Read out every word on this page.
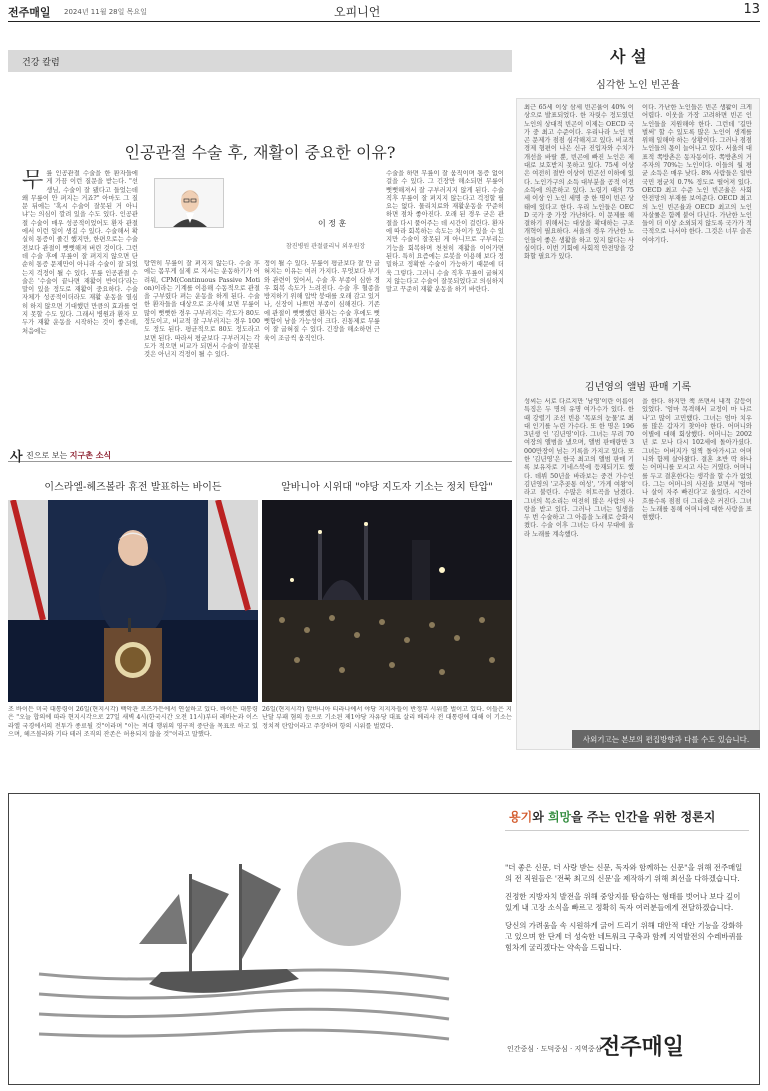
전주매일 2024년 11월 28일 목요일	오피니언	13
건강 칼럼
인공관절 수술 후, 재활이 중요한 이유?
무릎 인공관절 수술을 한 환자들에게 가끔 이런 질문을 받는다. "선생님, 수술이 잘 됐다고 들었는데 왜 무릎이 안 펴지는 거죠?" 아마도 그 질문 뒤에는 '혹시 수술이 잘못된 거 아니냐'는 의심이 깔려 있을 수도 있다. 인공관절 수술이 매우 성공적이었어도 환자 관절에서 이런 일이 생길 수 있다. 수술해서 확실히 통증이 줄긴 했지만, 한편으로는 수술 전보다 관절이 뻣뻣해져 버린 것이다. 그런데 수술 후에 무릎이 잘 펴지지 않으면 단순히 통증 문제만이 아니라 수술이 잘 되었는지 걱정이 될 수 있다. 무릎 인공관절 수술은 '수술이 끝나면 재활이 반이다'라는 말이 있을 정도로 재활이 중요하다. 수술 자체가 성공적이더라도 재활 운동을 열심히 하지 않으면 기대했던 만큼의 효과를 얻지 못할 수도 있다. 그래서 병원과 환자 모두가 재활 운동을 시작하는 것이 좋은데, 처음에는
이 정 훈
참진병원 관절클리닉 외우원장
탕연히 무릎이 잘 펴지지 않는다. 수술 후에는 몸무게 실제 로 지서는 운동하기가 어려워, CPM(Continuous Passive Motion)이라는 기계를 이용해 수동적으로 관절을 구부렸다 펴는 운동을 하게 된다. 수술한 환자들을 대상으로 조사해 보면 무릎이 많이 뻣뻣한 경우 구부러지는 각도가 80도 정도이고, 비교적 잘 구부러지는 경우 100도 정도 된다. 평균적으로 80도 정도라고 보면 된다. 따라서 평균보다 구부러지는 각도가 적으면 비교가 되면서 수술이 잘못된 것은 아닌지 걱정이 될 수 있다.
정이 될 수 있다. 무릎이 평균보다 잘 안 굽혀지는 이유는 여러 가지다. 무엇보다 부기와 관련이 있어서, 수술 후 부종이 심한 경우 회복 속도가 느려진다. 수술 후 혈종을 방지하기 위해 압박 붕대를 오래 감고 있거나, 신장이 나쁘면 부종이 심해진다. 기존에 관절이 뻣뻣했던 환자는 수술 후에도 뻣뻣함이 남을 가능성이 크다. 진통제로 무릎이 잘 굽혀질 수 있다. 긴장을 해소하면 근육이 조금씩 움직인다.
수술을 하면 무릎이 잘 움직이며 통증 없이 걸을 수 있다. 그 긴장만 해소되면 무릎이 뻣뻣해져서 잘 구부러지지 않게 된다. 수술 직후 무릎이 잘 펴지지 않는다고 걱정할 필요는 없다. 물리치료와 재활운동을 꾸준히 하면 점차 좋아진다. 오래 된 경우 굳은 관절을 다시 풀어주는 데 시간이 걸린다. 환자에 따라 회복하는 속도는 차이가 있을 수 있지만 수술이 잘못된 게 아니므로 구부리는 기능을 회복하며 천천히 재활을 이어가면 된다. 특히 요즘에는 로봇을 이용해 보다 정밀하고 정확한 수술이 가능하기 때문에 더욱 그렇다. 그러니 수술 직후 무릎이 굽혀지지 않는다고 수술이 잘못되었다고 의심하지 말고 꾸준히 재활 운동을 하기 바란다.
사 설
심각한 노인 빈곤율
최근 65세 이상 삼세 빈곤율이 40% 이상으로 발표되었다. 한 자릿수 정도였던 노인의 상대적 빈곤이 이제는 OECD 국가 중 최고 수준이다. 우리나라 노인 빈곤 문제가 점점 심각해지고 있다. 비교적 경제 형편이 나은 신규 진입자와 수치가 개선을 바랄 뿐, 빈곤에 빠진 노인은 제대로 보호받지 못하고 있다. 75세 이상은 여전히 절반 이상이 빈곤선 이하에 있다. 노인가구의 소득 대부분을 공적 이전소득에 의존하고 있다. 노령기 때의 75세 이상 인 노인 세명 중 한 명이 빈곤 상태에 있다고 한다. 우리 노인들은 OECD 국가 중 가장 가난하다. 이 문제를 해결하기 위해서는 대상을 확대하는 구조 개혁이 필요하다. 서울의 경우 가난한 노인들이 좋은 생활을 하고 있지 않다는 사실이다. 이번 기회에 사회적 안전망을 강화할 필요가 있다.
이다. 가난한 노인들은 빈곤 생활이 크게 어렵다. 이웃을 가장 고려하면 빈곤 인 노인들을 지원해야 한다. 그런데 '길만 벌써' 할 수 있도록 많은 노인이 생계를 위해 일해야 하는 상황이다. 그러나 점점 노인들의 몫이 늘어나고 있다. 서울의 대표적 쪽방촌은 동자동이다. 쪽방촌의 거주자의 70%는 노인이다. 이들의 월 평균 소득은 매우 낮다. 8% 사람들은 일반 국민 평균치 0.7% 정도로 떨어져 있다. OECD 최고 수준 노인 빈곤율은 사회 안전망의 부재를 보여준다. OECD 최고의 노인 빈곤율과 OECD 최고의 노인 자살률은 함께 붙어 다닌다. 가난한 노인들이 더 이상 소외되지 않도록 국가가 적극적으로 나서야 한다. 그것은 너무 슬픈 이야기다.
김년영의 앨범 판매 기록
성씨는 서로 다르지만 '남영'이란 이름이 특징은 두 명의 유명 여가수가 있다. 한때 강렬기 조선 빈용 '목포의 눈물'로 최대 인기를 누린 가수다. 또 한 명은 1963년생 인 '김년영'이다. 그녀는 무려 70여장의 앨범을 냈으며, 앨범 판매량만 3000만장이 넘는 기록을 가지고 있다. 또한 '김년영'은 한국 최고의 앨범 판매 기록 보유자로 기네스북에 등재되기도 했다. 데뷔 50년을 바라보는 중견 가수인 김년영의 '고추곶통 여성', '가게 여왕'이라고 불린다. 수많은 히트곡을 남겼다. 그녀의 목소리는 여전히 많은 사람의 사랑을 받고 있다. 그러나 그녀는 일생을 두 번 수술하고 그 아픔을 노래로 승화시켰다. 수술 이후 그녀는 다시 무대에 올라 노래를 계속했다.
을 한다. 하지만 책 쓰면서 내적 갈등이 있었다. '엄마 목격해서 교정이 마 나르나'고 많이 고민했다. 그녀는 엄마 치우를 많은 갑자기 찾아야 한다. 어머니와 이별에 대해 회상했다. 어머니는 2002년 로 모나 다시 102세에 돌아가셨다. 그녀는 어버지가 일찍 돌아가시고 어머니와 함께 살아왔다. 결혼 초반 딱 하나는 어머니를 모시고 사는 거였다. 어머니를 두고 결혼한다는 생각을 할 수가 없었다. 그는 어머니의 사진을 보면서 '엄마 나 살이 자주 빠진다'고 울었다. 시간이 흐를수록 점점 더 그리움은 커진다. 그녀는 노래를 통해 어머니에 대한 사랑을 표현했다.
사외기고는 본보의 편집방향과 다를 수도 있습니다.
사 진으로 보는 지구촌 소식
이스라엘-헤즈볼라 휴전 발표하는 바이든	알바니아 시위대 "야당 지도자 기소는 정치 탄압"
조 바이든 미국 대통령이 26일(현지시각) 백악관 로즈가든에서 연설하고 있다. 바이든 대통령은 "오늘 합의에 따라 현지시각으로 27일 새벽 4시(한국시간 오전 11시)부터 레바논과 이스라엘 국경에서의 전투가 종료될 것"이라며 "이는 적대 행위의 영구적 중단을 목표로 하고 있으며, 헤즈볼라와 기타 테러 조직의 잔존은 허용되지 않을 것"이라고 말했다.
26일(현지시각) 알바니아 티라나에서 야당 지지자들이 반정부 시위를 벌이고 있다. 이들은 지난달 부패 혐의 등으로 기소된 제1야당 자유당 대표 살리 베리샤 전 대통령에 대해 이 기소는 정치적 탄압이라고 주장하며 항의 시위를 벌였다.
용기와 희망을 주는 인간을 위한 정론지

"더 좋은 신문, 더 사랑 받는 신문, 독자와 함께하는 신문"을 위해 전주매일의 전 직원들은 '전북 최고의 신문'을 제작하기 위해 최선을 다하겠습니다.

진정한 지방자치 발전을 위해 중앙지를 탐습하는 형태를 벗어나 보다 깊이 있게 내 고장 소식을 빠르고 정확히 독자 여러분들에게 전달하겠습니다.

당신의 가려움을 속 시원하게 긁어 드리기 위해 대안적 대안 기능을 강화하고 있으며 한 단계 더 성숙한 네트워크 구축과 함께 지역발전의 수레바퀴를 힘차게 굴리겠다는 약속을 드립니다.

인간중심 · 도덕중심 · 지역중심
전주매일
